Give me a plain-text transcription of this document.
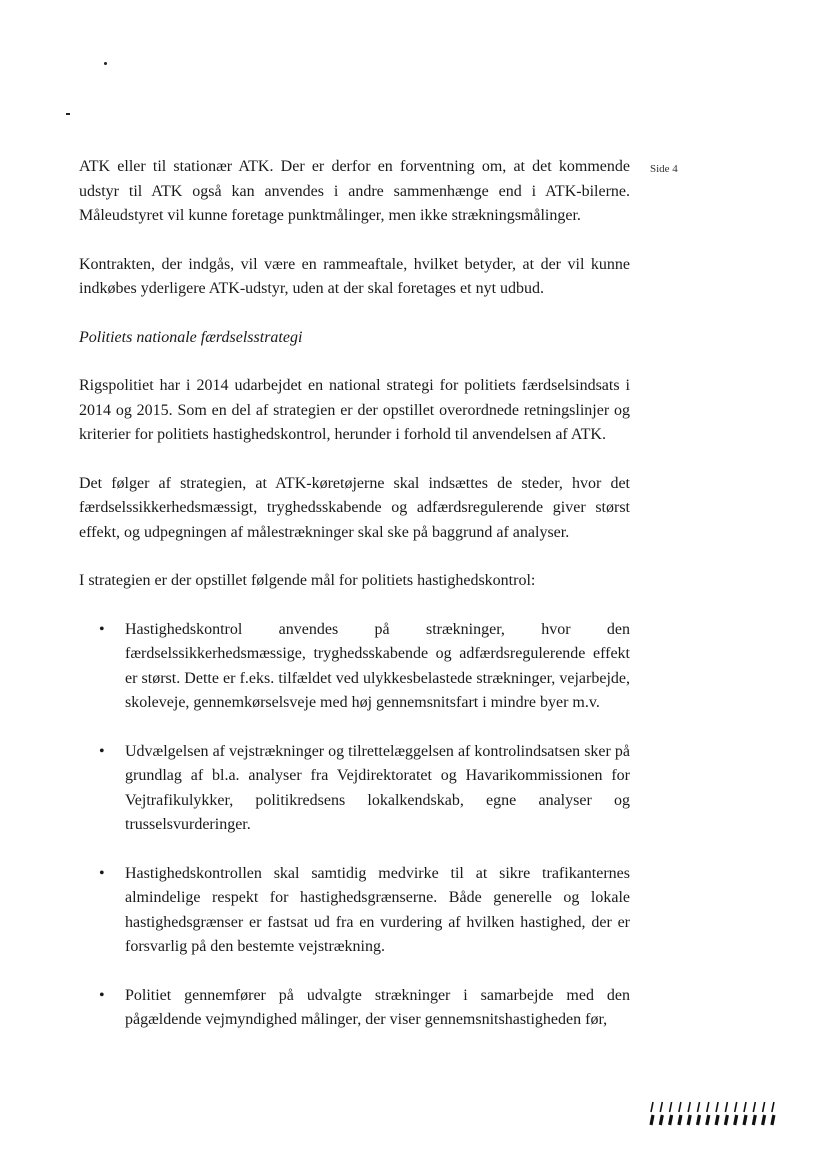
Side 4

ATK eller til stationær ATK. Der er derfor en forventning om, at det kommende udstyr til ATK også kan anvendes i andre sammenhænge end i ATK-bilerne. Måleudstyret vil kunne foretage punktmålinger, men ikke strækningsmålinger.

Kontrakten, der indgås, vil være en rammeaftale, hvilket betyder, at der vil kunne indkøbes yderligere ATK-udstyr, uden at der skal foretages et nyt udbud.

Politiets nationale færdselsstrategi

Rigspolitiet har i 2014 udarbejdet en national strategi for politiets færdselsindsats i 2014 og 2015. Som en del af strategien er der opstillet overordnede retningslinjer og kriterier for politiets hastighedskontrol, herunder i forhold til anvendelsen af ATK.

Det følger af strategien, at ATK-køretøjerne skal indsættes de steder, hvor det færdselssikkerhedsmæssigt, tryghedsskabende og adfærdsregulerende giver størst effekt, og udpegningen af målestrækninger skal ske på baggrund af analyser.

I strategien er der opstillet følgende mål for politiets hastighedskontrol:

• Hastighedskontrol anvendes på strækninger, hvor den færdselssikkerhedsmæssige, tryghedsskabende og adfærdsregulerende effekt er størst. Dette er f.eks. tilfældet ved ulykkesbelastede strækninger, vejarbejde, skoleveje, gennemkørselsveje med høj gennemsnitsfart i mindre byer m.v.
• Udvælgelsen af vejstrækninger og tilrettelæggelsen af kontrolindsatsen sker på grundlag af bl.a. analyser fra Vejdirektoratet og Havarikommissionen for Vejtrafikulykker, politikredsens lokalkendskab, egne analyser og trusselsvurderinger.
• Hastighedskontrollen skal samtidig medvirke til at sikre trafikanternes almindelige respekt for hastighedsgrænserne. Både generelle og lokale hastighedsgrænser er fastsat ud fra en vurdering af hvilken hastighed, der er forsvarlig på den bestemte vejstrækning.
• Politiet gennemfører på udvalgte strækninger i samarbejde med den pågældende vejmyndighed målinger, der viser gennemsnitshastigheden før,
